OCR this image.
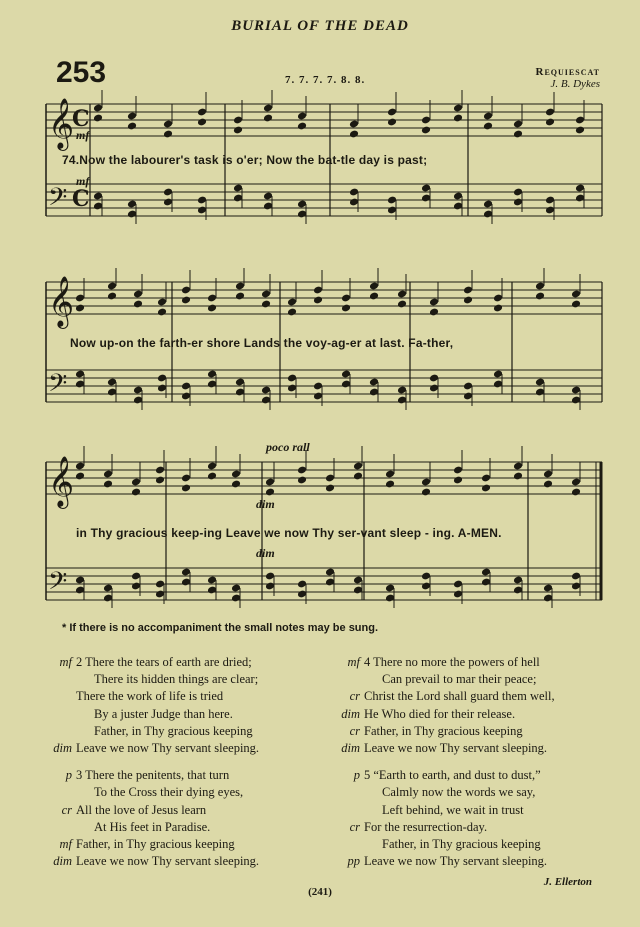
BURIAL OF THE DEAD
253	7. 7. 7. 7. 8. 8.
Requiescat
J. B. Dykes
𝄞
𝄢
C
C
mf
74.Now the labourer's task is o'er; Now the bat-tle day is past;
mf
𝄞
𝄢
Now up-on the farth-er shore Lands the voy-ag-er at last. Fa-ther,
𝄞
𝄢
poco rall
dim
in Thy gracious keep-ing Leave we now Thy ser-vant sleep - ing. A-MEN.
dim
* If there is no accompaniment the small notes may be sung.
mf 2 There the tears of earth are dried;
There its hidden things are clear;
There the work of life is tried
By a juster Judge than here.
Father, in Thy gracious keeping
dim Leave we now Thy servant sleeping.
p 3 There the penitents, that turn
To the Cross their dying eyes,
cr All the love of Jesus learn
At His feet in Paradise.
mf Father, in Thy gracious keeping
dim Leave we now Thy servant sleeping.
mf 4 There no more the powers of hell
Can prevail to mar their peace;
cr Christ the Lord shall guard them well,
dim He Who died for their release.
cr Father, in Thy gracious keeping
dim Leave we now Thy servant sleeping.
p 5 “Earth to earth, and dust to dust,”
Calmly now the words we say,
Left behind, we wait in trust
cr For the resurrection-day.
Father, in Thy gracious keeping
pp Leave we now Thy servant sleeping.
J. Ellerton
(241)
